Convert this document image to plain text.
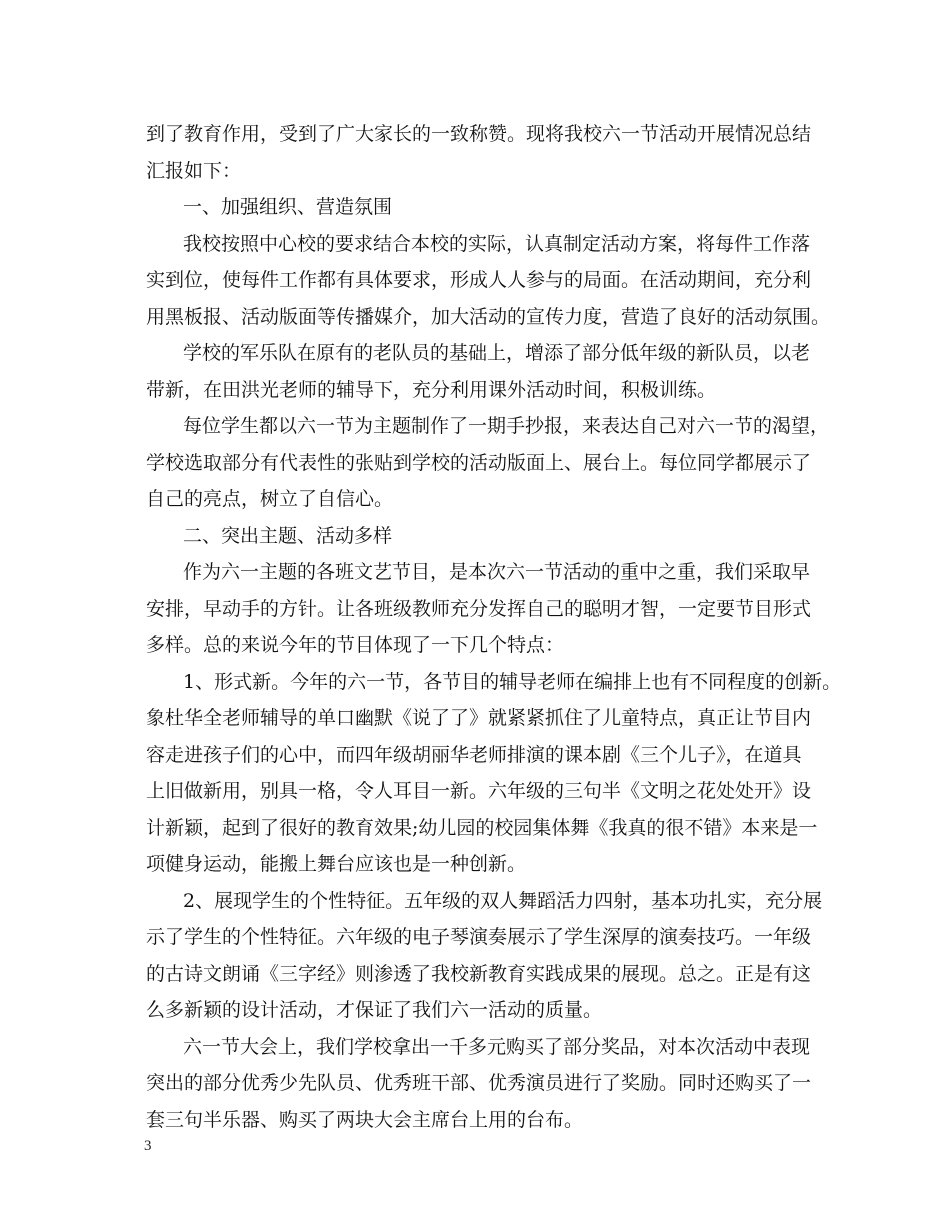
到了教育作用，受到了广大家长的一致称赞。现将我校六一节活动开展情况总结
汇报如下：
一、加强组织、营造氛围
我校按照中心校的要求结合本校的实际，认真制定活动方案，将每件工作落
实到位，使每件工作都有具体要求，形成人人参与的局面。在活动期间，充分利
用黑板报、活动版面等传播媒介，加大活动的宣传力度，营造了良好的活动氛围。
学校的军乐队在原有的老队员的基础上，增添了部分低年级的新队员，以老
带新，在田洪光老师的辅导下，充分利用课外活动时间，积极训练。
每位学生都以六一节为主题制作了一期手抄报，来表达自己对六一节的渴望，
学校选取部分有代表性的张贴到学校的活动版面上、展台上。每位同学都展示了
自己的亮点，树立了自信心。
二、突出主题、活动多样
作为六一主题的各班文艺节目，是本次六一节活动的重中之重，我们采取早
安排，早动手的方针。让各班级教师充分发挥自己的聪明才智，一定要节目形式
多样。总的来说今年的节目体现了一下几个特点：
1、形式新。今年的六一节，各节目的辅导老师在编排上也有不同程度的创新。
象杜华全老师辅导的单口幽默《说了了》就紧紧抓住了儿童特点，真正让节目内
容走进孩子们的心中，而四年级胡丽华老师排演的课本剧《三个儿子》，在道具
上旧做新用，别具一格，令人耳目一新。六年级的三句半《文明之花处处开》设
计新颖，起到了很好的教育效果;幼儿园的校园集体舞《我真的很不错》本来是一
项健身运动，能搬上舞台应该也是一种创新。
2、展现学生的个性特征。五年级的双人舞蹈活力四射，基本功扎实，充分展
示了学生的个性特征。六年级的电子琴演奏展示了学生深厚的演奏技巧。一年级
的古诗文朗诵《三字经》则渗透了我校新教育实践成果的展现。总之。正是有这
么多新颖的设计活动，才保证了我们六一活动的质量。
六一节大会上，我们学校拿出一千多元购买了部分奖品，对本次活动中表现
突出的部分优秀少先队员、优秀班干部、优秀演员进行了奖励。同时还购买了一
套三句半乐器、购买了两块大会主席台上用的台布。
3
